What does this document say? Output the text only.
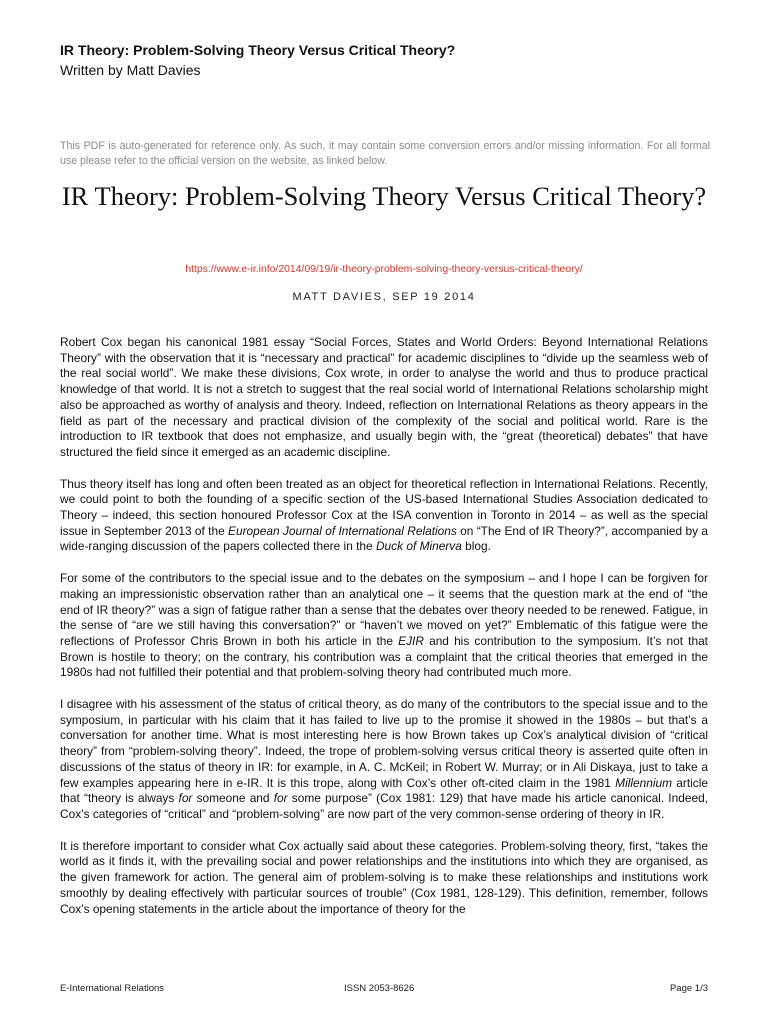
IR Theory: Problem-Solving Theory Versus Critical Theory?
Written by Matt Davies
This PDF is auto-generated for reference only. As such, it may contain some conversion errors and/or missing information. For all formal use please refer to the official version on the website, as linked below.
IR Theory: Problem-Solving Theory Versus Critical Theory?
https://www.e-ir.info/2014/09/19/ir-theory-problem-solving-theory-versus-critical-theory/
MATT DAVIES, SEP 19 2014

Robert Cox began his canonical 1981 essay “Social Forces, States and World Orders: Beyond International Relations Theory” with the observation that it is “necessary and practical” for academic disciplines to “divide up the seamless web of the real social world”. We make these divisions, Cox wrote, in order to analyse the world and thus to produce practical knowledge of that world. It is not a stretch to suggest that the real social world of International Relations scholarship might also be approached as worthy of analysis and theory. Indeed, reflection on International Relations as theory appears in the field as part of the necessary and practical division of the complexity of the social and political world. Rare is the introduction to IR textbook that does not emphasize, and usually begin with, the “great (theoretical) debates” that have structured the field since it emerged as an academic discipline.

Thus theory itself has long and often been treated as an object for theoretical reflection in International Relations. Recently, we could point to both the founding of a specific section of the US-based International Studies Association dedicated to Theory – indeed, this section honoured Professor Cox at the ISA convention in Toronto in 2014 – as well as the special issue in September 2013 of the European Journal of International Relations on “The End of IR Theory?”, accompanied by a wide-ranging discussion of the papers collected there in the Duck of Minerva blog.

For some of the contributors to the special issue and to the debates on the symposium – and I hope I can be forgiven for making an impressionistic observation rather than an analytical one – it seems that the question mark at the end of “the end of IR theory?” was a sign of fatigue rather than a sense that the debates over theory needed to be renewed. Fatigue, in the sense of “are we still having this conversation?” or “haven’t we moved on yet?” Emblematic of this fatigue were the reflections of Professor Chris Brown in both his article in the EJIR and his contribution to the symposium. It’s not that Brown is hostile to theory; on the contrary, his contribution was a complaint that the critical theories that emerged in the 1980s had not fulfilled their potential and that problem-solving theory had contributed much more.

I disagree with his assessment of the status of critical theory, as do many of the contributors to the special issue and to the symposium, in particular with his claim that it has failed to live up to the promise it showed in the 1980s – but that’s a conversation for another time. What is most interesting here is how Brown takes up Cox’s analytical division of “critical theory” from “problem-solving theory”. Indeed, the trope of problem-solving versus critical theory is asserted quite often in discussions of the status of theory in IR: for example, in A. C. McKeil; in Robert W. Murray; or in Ali Diskaya, just to take a few examples appearing here in e-IR. It is this trope, along with Cox’s other oft-cited claim in the 1981 Millennium article that “theory is always for someone and for some purpose” (Cox 1981: 129) that have made his article canonical. Indeed, Cox’s categories of “critical” and “problem-solving” are now part of the very common-sense ordering of theory in IR.

It is therefore important to consider what Cox actually said about these categories. Problem-solving theory, first, “takes the world as it finds it, with the prevailing social and power relationships and the institutions into which they are organised, as the given framework for action. The general aim of problem-solving is to make these relationships and institutions work smoothly by dealing effectively with particular sources of trouble” (Cox 1981, 128-129). This definition, remember, follows Cox’s opening statements in the article about the importance of theory for the

E-International Relations	ISSN 2053-8626	Page 1/3
